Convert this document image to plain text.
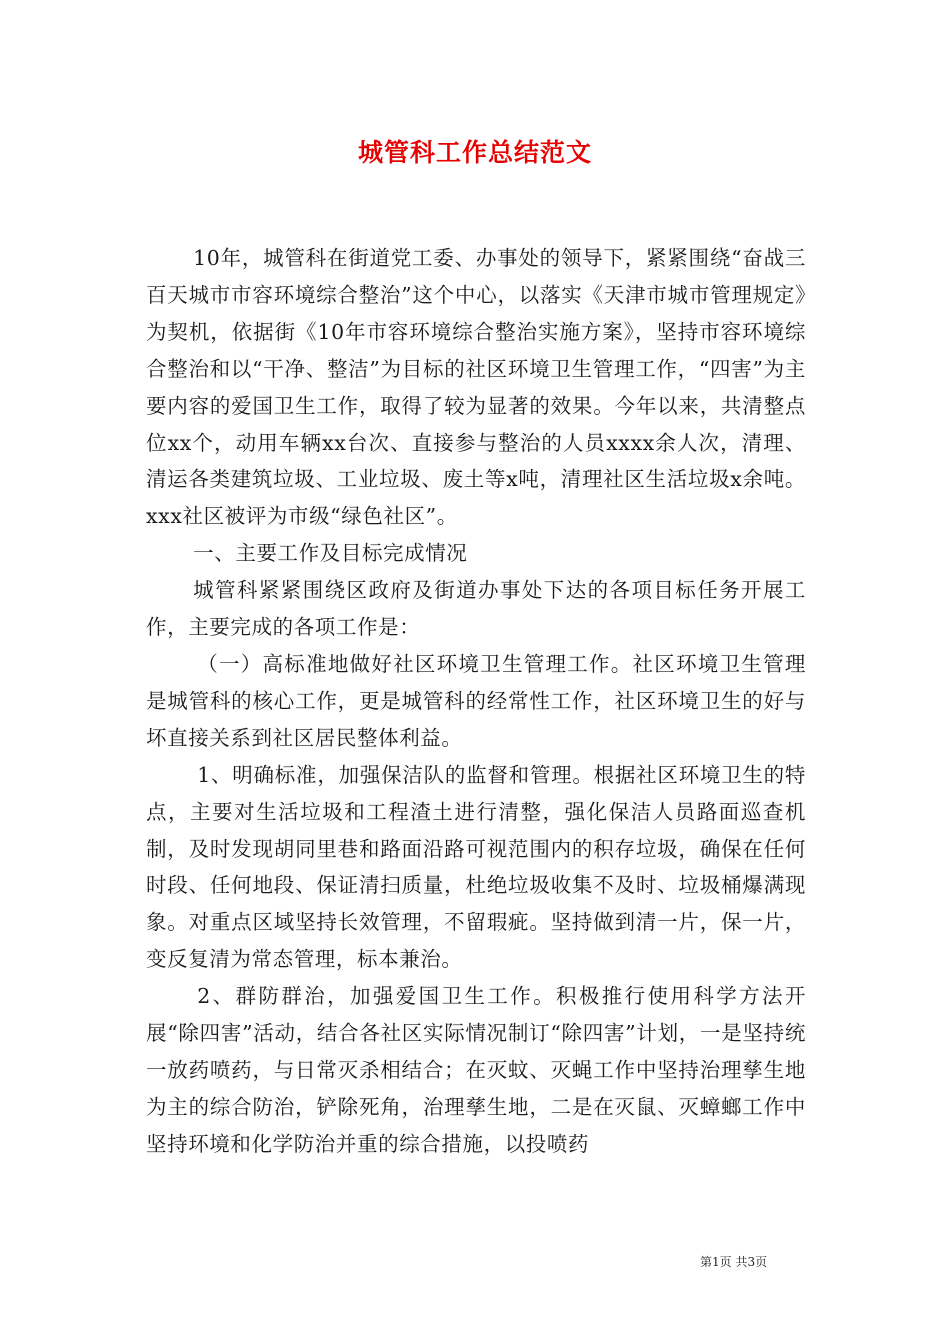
城管科工作总结范文

10年，城管科在街道党工委、办事处的领导下，紧紧围绕“奋战三百天城市市容环境综合整治”这个中心，以落实《天津市城市管理规定》为契机，依据街《10年市容环境综合整治实施方案》，坚持市容环境综合整治和以“干净、整洁”为目标的社区环境卫生管理工作，“四害”为主要内容的爱国卫生工作，取得了较为显著的效果。今年以来，共清整点位xx个，动用车辆xx台次、直接参与整治的人员xxxx余人次，清理、清运各类建筑垃圾、工业垃圾、废土等x吨，清理社区生活垃圾x余吨。xxx社区被评为市级“绿色社区”。

一、主要工作及目标完成情况

城管科紧紧围绕区政府及街道办事处下达的各项目标任务开展工作，主要完成的各项工作是：

（一）高标准地做好社区环境卫生管理工作。社区环境卫生管理是城管科的核心工作，更是城管科的经常性工作，社区环境卫生的好与坏直接关系到社区居民整体利益。

1、明确标准，加强保洁队的监督和管理。根据社区环境卫生的特点，主要对生活垃圾和工程渣土进行清整，强化保洁人员路面巡查机制，及时发现胡同里巷和路面沿路可视范围内的积存垃圾，确保在任何时段、任何地段、保证清扫质量，杜绝垃圾收集不及时、垃圾桶爆满现象。对重点区域坚持长效管理，不留瑕疵。坚持做到清一片，保一片，变反复清为常态管理，标本兼治。

2、群防群治，加强爱国卫生工作。积极推行使用科学方法开展“除四害”活动，结合各社区实际情况制订“除四害”计划，一是坚持统一放药喷药，与日常灭杀相结合；在灭蚊、灭蝇工作中坚持治理孳生地为主的综合防治，铲除死角，治理孳生地，二是在灭鼠、灭蟑螂工作中坚持环境和化学防治并重的综合措施，以投喷药

第1页 共3页
